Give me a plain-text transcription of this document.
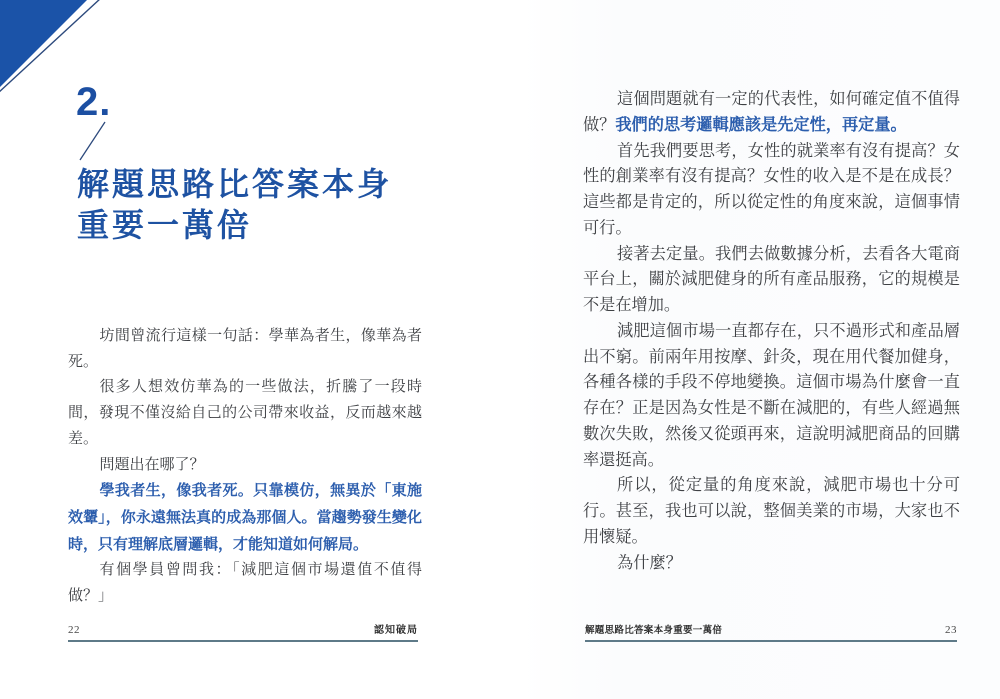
2.
解題思路比答案本身
重要一萬倍

坊間曾流行這樣一句話：學華為者生，像華為者死。

很多人想效仿華為的一些做法，折騰了一段時間，發現不僅沒給自己的公司帶來收益，反而越來越差。

問題出在哪了？

學我者生，像我者死。只靠模仿，無異於「東施效顰」，你永遠無法真的成為那個人。當趨勢發生變化時，只有理解底層邏輯，才能知道如何解局。

有個學員曾問我：「減肥這個市場還值不值得做？」

22	認知破局

這個問題就有一定的代表性，如何確定值不值得做？我們的思考邏輯應該是先定性，再定量。

首先我們要思考，女性的就業率有沒有提高？女性的創業率有沒有提高？女性的收入是不是在成長？這些都是肯定的，所以從定性的角度來說，這個事情可行。

接著去定量。我們去做數據分析，去看各大電商平台上，關於減肥健身的所有產品服務，它的規模是不是在增加。

減肥這個市場一直都存在，只不過形式和產品層出不窮。前兩年用按摩、針灸，現在用代餐加健身，各種各樣的手段不停地變換。這個市場為什麼會一直存在？正是因為女性是不斷在減肥的，有些人經過無數次失敗，然後又從頭再來，這說明減肥商品的回購率還挺高。

所以，從定量的角度來說，減肥市場也十分可行。甚至，我也可以說，整個美業的市場，大家也不用懷疑。

為什麼？

解題思路比答案本身重要一萬倍	23
